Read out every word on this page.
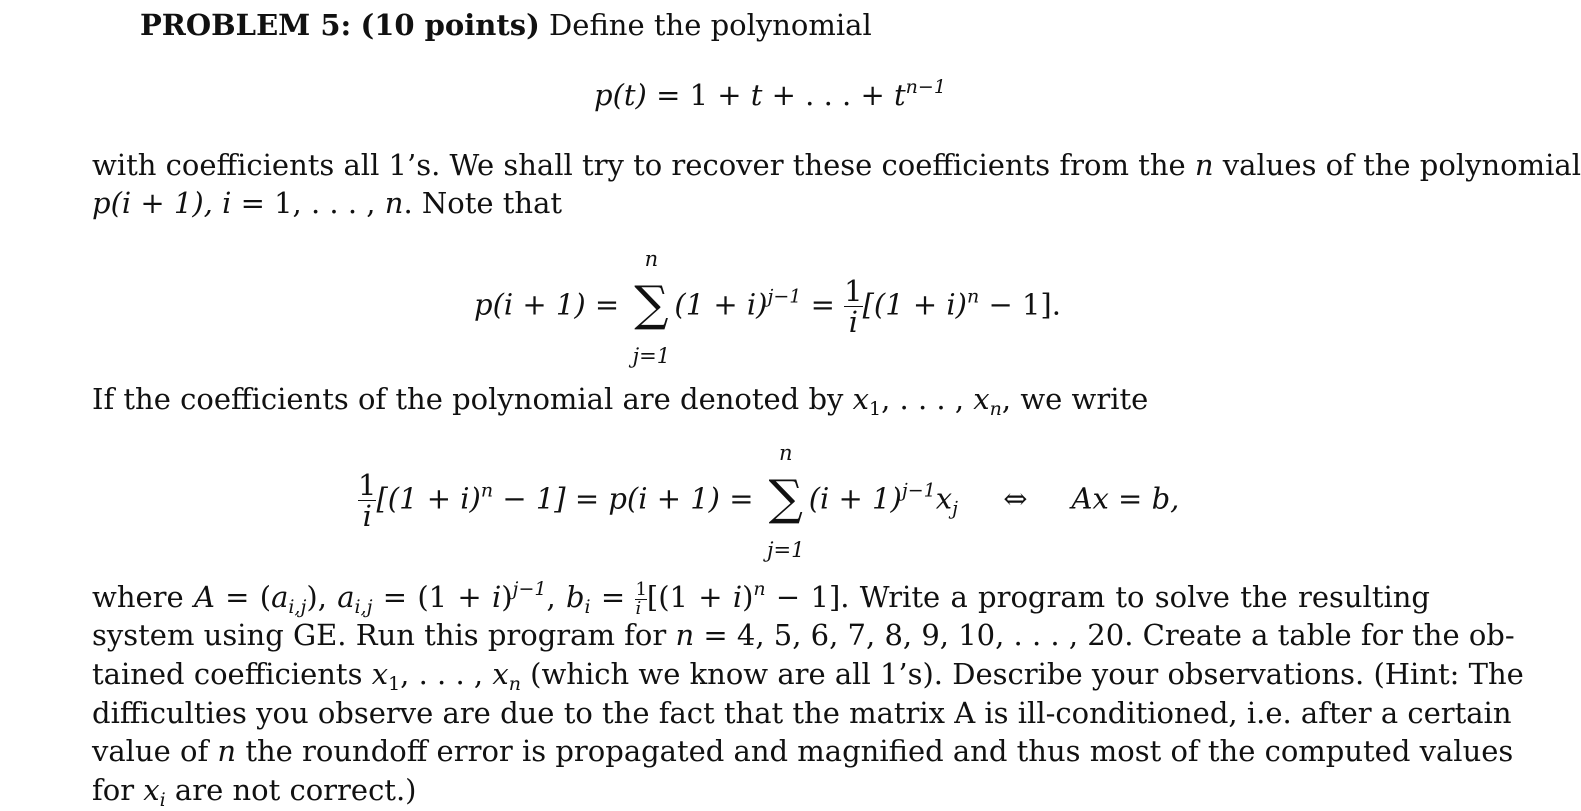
PROBLEM 5: (10 points) Define the polynomial
p(t) = 1 + t + . . . + $t^{n-1}$
with coefficients all 1’s. We shall try to recover these coefficients from the n values of the polynomial
p(i + 1), i = 1, . . . , n. Note that
p(i + 1) =
n
∑
j=1
$(1 + i)^{j-1} = \frac{1}{i} [(1 + i)^n - 1]$.
If the coefficients of the polynomial are denoted by $x_1$, . . . , $x_n$, we write
$\frac{1}{i} [(1 + i)^n - 1] = p(i + 1)$ =
n
∑
j=1
$(i + 1)^{j-1}x_j$ ⇔ Ax = b,
where $A = (a_{i,j})$, $a_{i,j} = (1 + i)^{j-1}$, $b_i = \frac{1}{i} [(1 + i)^n - 1]$. Write a program to solve the resulting
system using GE. Run this program for n = 4, 5, 6, 7, 8, 9, 10, . . . , 20. Create a table for the ob-
tained coefficients $x_1$, . . . , $x_n$ (which we know are all 1’s). Describe your observations. (Hint: The
difficulties you observe are due to the fact that the matrix A is ill-conditioned, i.e. after a certain
value of n the roundoff error is propagated and magnified and thus most of the computed values
for $x_i$ are not correct.)
